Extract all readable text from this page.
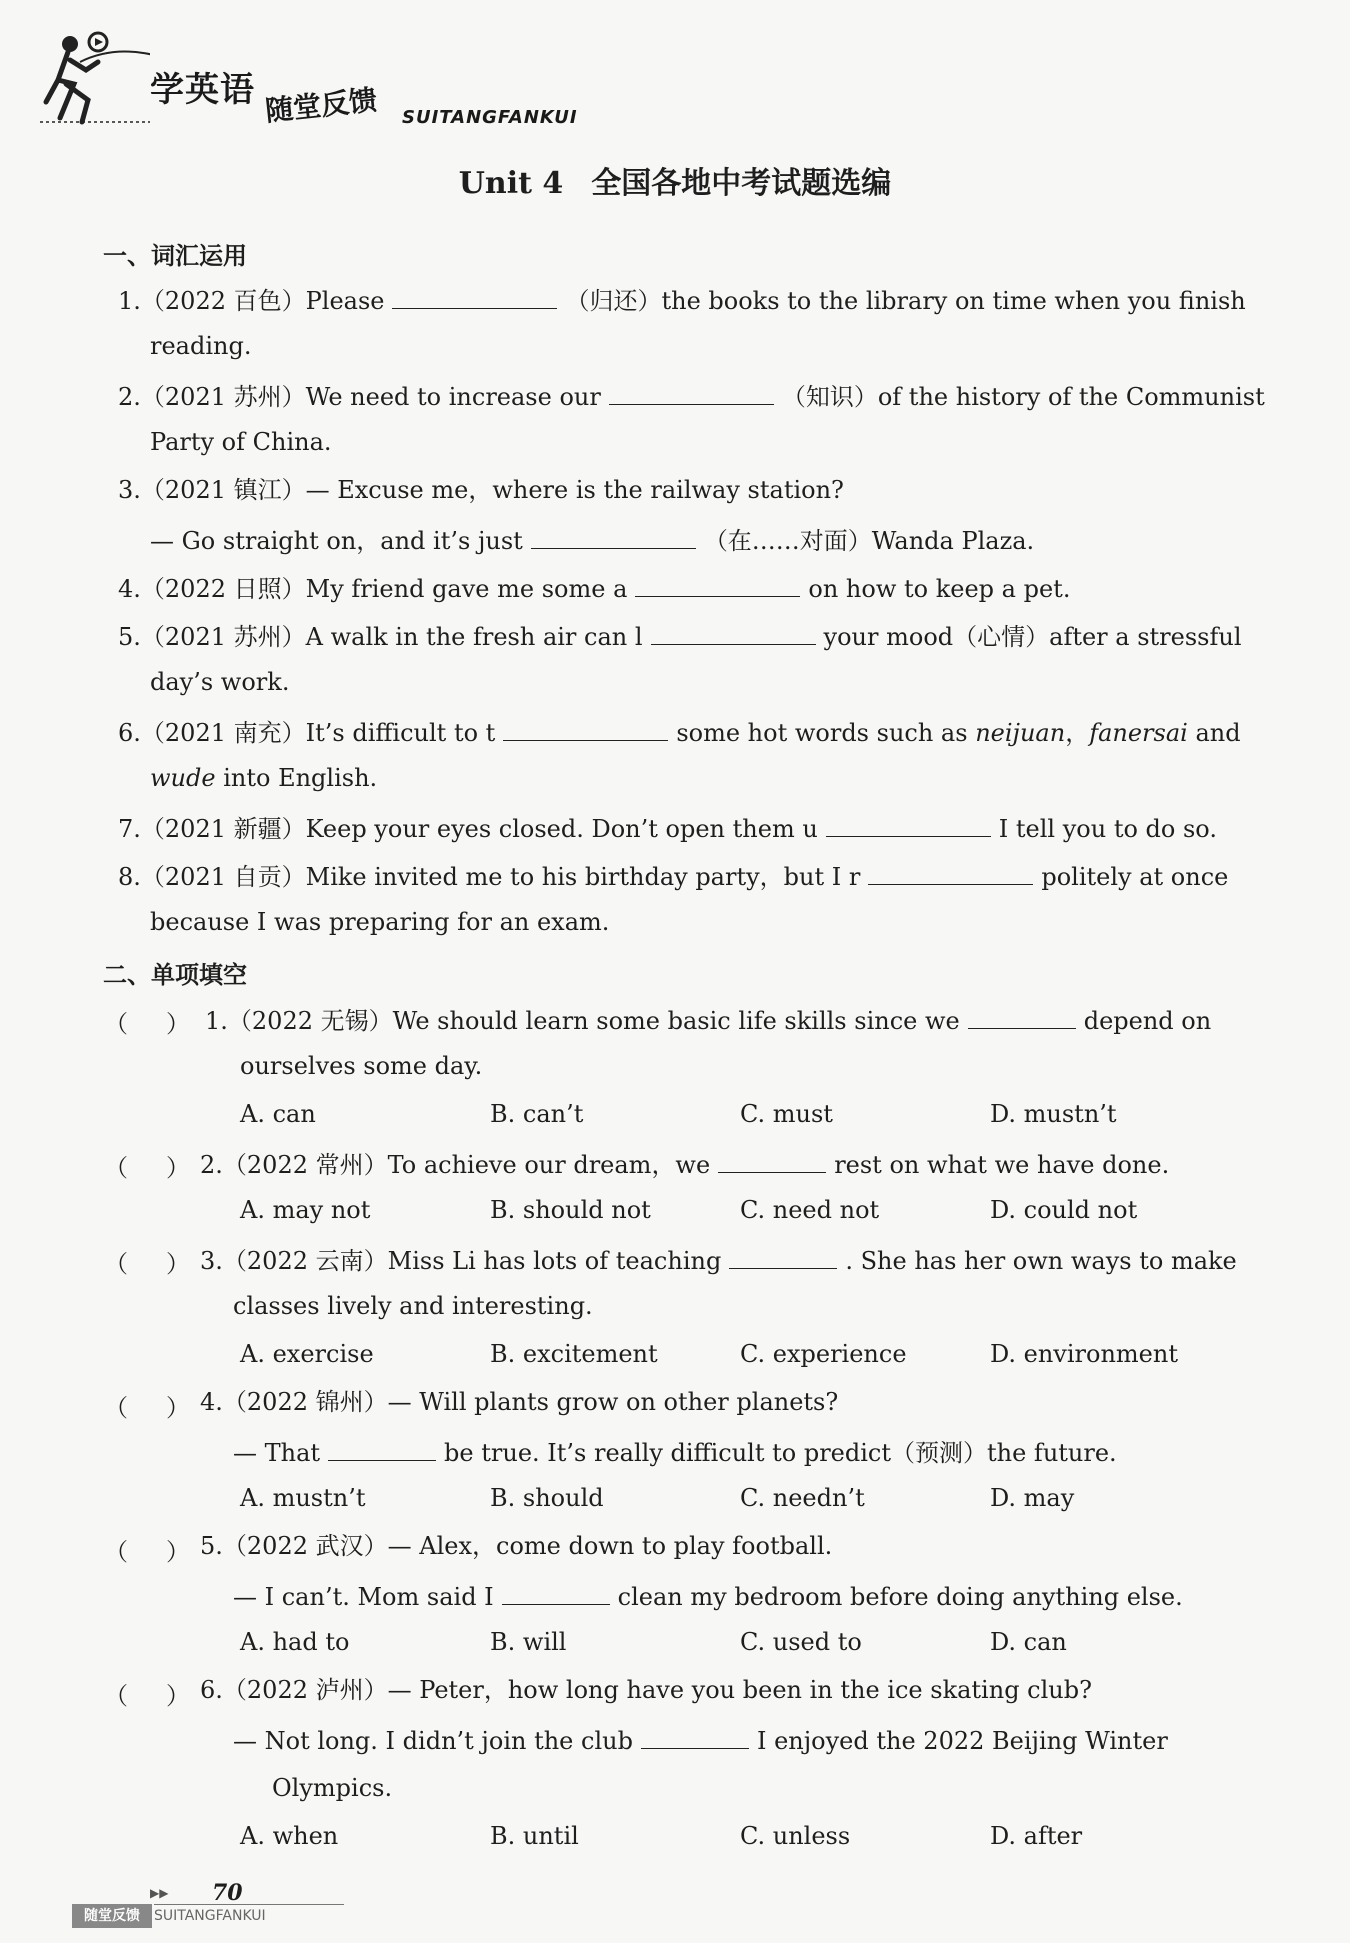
学英语 随堂反馈 SUITANGFANKUI
Unit 4 全国各地中考试题选编
一、词汇运用
1.（2022 百色）Please	（归还）the books to the library on time when you finish
reading.
2.（2021 苏州）We need to increase our	（知识）of the history of the Communist
Party of China.
3.（2021 镇江）— Excuse me，where is the railway station?
— Go straight on，and it’s just	（在……对面）Wanda Plaza.
4.（2022 日照）My friend gave me some a	on how to keep a pet.
5.（2021 苏州）A walk in the fresh air can l	your mood（心情）after a stressful
day’s work.
6.（2021 南充）It’s difficult to t	some hot words such as neijuan，fanersai and
wude into English.
7.（2021 新疆）Keep your eyes closed. Don’t open them u	I tell you to do so.
8.（2021 自贡）Mike invited me to his birthday party，but I r	politely at once
because I was preparing for an exam.
二、单项填空
（ ） 1.（2022 无锡）We should learn some basic life skills since we	depend on
ourselves some day.
A. can	B. can’t	C. must	D. mustn’t
（ ） 2.（2022 常州）To achieve our dream，we	rest on what we have done.
A. may not	B. should not	C. need not	D. could not
（ ） 3.（2022 云南）Miss Li has lots of teaching	. She has her own ways to make
classes lively and interesting.
A. exercise	B. excitement	C. experience	D. environment
（ ） 4.（2022 锦州）— Will plants grow on other planets?
— That	be true. It’s really difficult to predict（预测）the future.
A. mustn’t	B. should	C. needn’t	D. may
（ ） 5.（2022 武汉）— Alex，come down to play football.
— I can’t. Mom said I	clean my bedroom before doing anything else.
A. had to	B. will	C. used to	D. can
（ ） 6.（2022 泸州）— Peter，how long have you been in the ice skating club?
— Not long. I didn’t join the club	I enjoyed the 2022 Beijing Winter
Olympics.
A. when	B. until	C. unless	D. after
▶▶ 70
随堂反馈	SUITANGFANKUI
